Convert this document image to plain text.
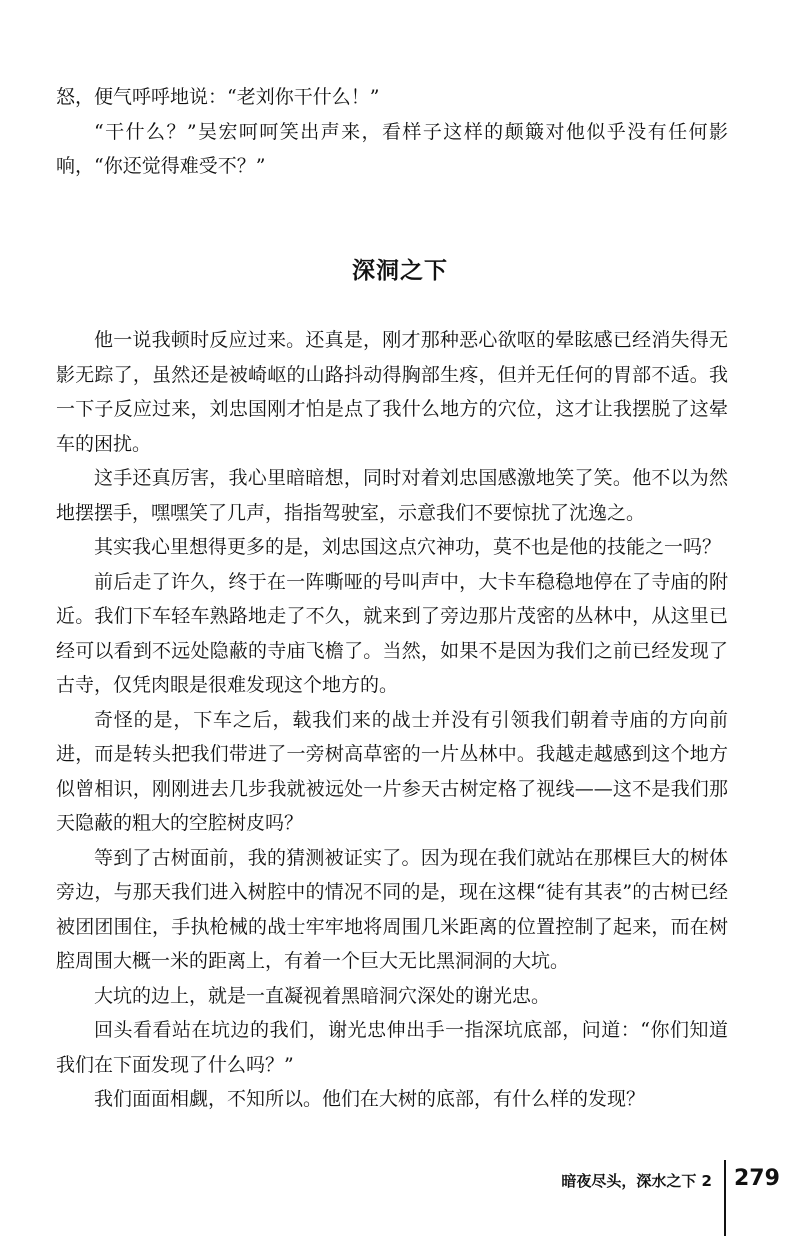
怒，便气呼呼地说：“老刘你干什么！”

“干什么？”吴宏呵呵笑出声来，看样子这样的颠簸对他似乎没有任何影响，“你还觉得难受不？”

深洞之下

他一说我顿时反应过来。还真是，刚才那种恶心欲呕的晕眩感已经消失得无影无踪了，虽然还是被崎岖的山路抖动得胸部生疼，但并无任何的胃部不适。我一下子反应过来，刘忠国刚才怕是点了我什么地方的穴位，这才让我摆脱了这晕车的困扰。

这手还真厉害，我心里暗暗想，同时对着刘忠国感激地笑了笑。他不以为然地摆摆手，嘿嘿笑了几声，指指驾驶室，示意我们不要惊扰了沈逸之。

其实我心里想得更多的是，刘忠国这点穴神功，莫不也是他的技能之一吗？

前后走了许久，终于在一阵嘶哑的号叫声中，大卡车稳稳地停在了寺庙的附近。我们下车轻车熟路地走了不久，就来到了旁边那片茂密的丛林中，从这里已经可以看到不远处隐蔽的寺庙飞檐了。当然，如果不是因为我们之前已经发现了古寺，仅凭肉眼是很难发现这个地方的。

奇怪的是，下车之后，载我们来的战士并没有引领我们朝着寺庙的方向前进，而是转头把我们带进了一旁树高草密的一片丛林中。我越走越感到这个地方似曾相识，刚刚进去几步我就被远处一片参天古树定格了视线——这不是我们那天隐蔽的粗大的空腔树皮吗？

等到了古树面前，我的猜测被证实了。因为现在我们就站在那棵巨大的树体旁边，与那天我们进入树腔中的情况不同的是，现在这棵“徒有其表”的古树已经被团团围住，手执枪械的战士牢牢地将周围几米距离的位置控制了起来，而在树腔周围大概一米的距离上，有着一个巨大无比黑洞洞的大坑。

大坑的边上，就是一直凝视着黑暗洞穴深处的谢光忠。

回头看看站在坑边的我们，谢光忠伸出手一指深坑底部，问道：“你们知道我们在下面发现了什么吗？”

我们面面相觑，不知所以。他们在大树的底部，有什么样的发现？

暗夜尽头，深水之下 2 279
